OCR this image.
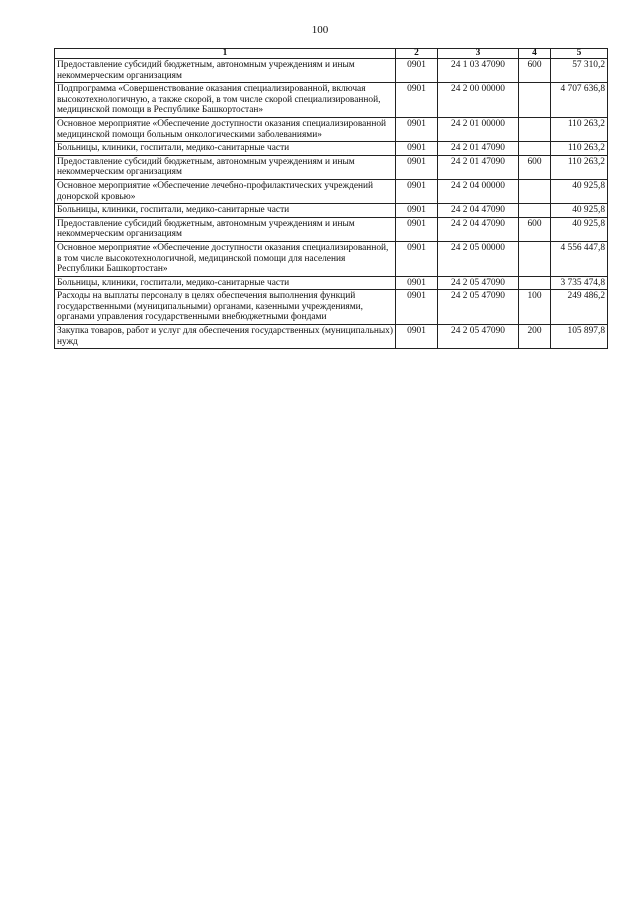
100
1	2	3	4	5
Предоставление субсидий бюджетным, автономным учреждениям и иным некоммерческим организациям	0901	24 1 03 47090	600	57 310,2
Подпрограмма «Совершенствование оказания специализированной, включая высокотехнологичную, а также скорой, в том числе скорой специализированной, медицинской помощи в Республике Башкортостан»	0901	24 2 00 00000		4 707 636,8
Основное мероприятие «Обеспечение доступности оказания специализированной медицинской помощи больным онкологическими заболеваниями»	0901	24 2 01 00000		110 263,2
Больницы, клиники, госпитали, медико-санитарные части	0901	24 2 01 47090		110 263,2
Предоставление субсидий бюджетным, автономным учреждениям и иным некоммерческим организациям	0901	24 2 01 47090	600	110 263,2
Основное мероприятие «Обеспечение лечебно-профилактических учреждений донорской кровью»	0901	24 2 04 00000		40 925,8
Больницы, клиники, госпитали, медико-санитарные части	0901	24 2 04 47090		40 925,8
Предоставление субсидий бюджетным, автономным учреждениям и иным некоммерческим организациям	0901	24 2 04 47090	600	40 925,8
Основное мероприятие «Обеспечение доступности оказания специализированной, в том числе высокотехнологичной, медицинской помощи для населения Республики Башкортостан»	0901	24 2 05 00000		4 556 447,8
Больницы, клиники, госпитали, медико-санитарные части	0901	24 2 05 47090		3 735 474,8
Расходы на выплаты персоналу в целях обеспечения выполнения функций государственными (муниципальными) органами, казенными учреждениями, органами управления государственными внебюджетными фондами	0901	24 2 05 47090	100	249 486,2
Закупка товаров, работ и услуг для обеспечения государственных (муниципальных) нужд	0901	24 2 05 47090	200	105 897,8
